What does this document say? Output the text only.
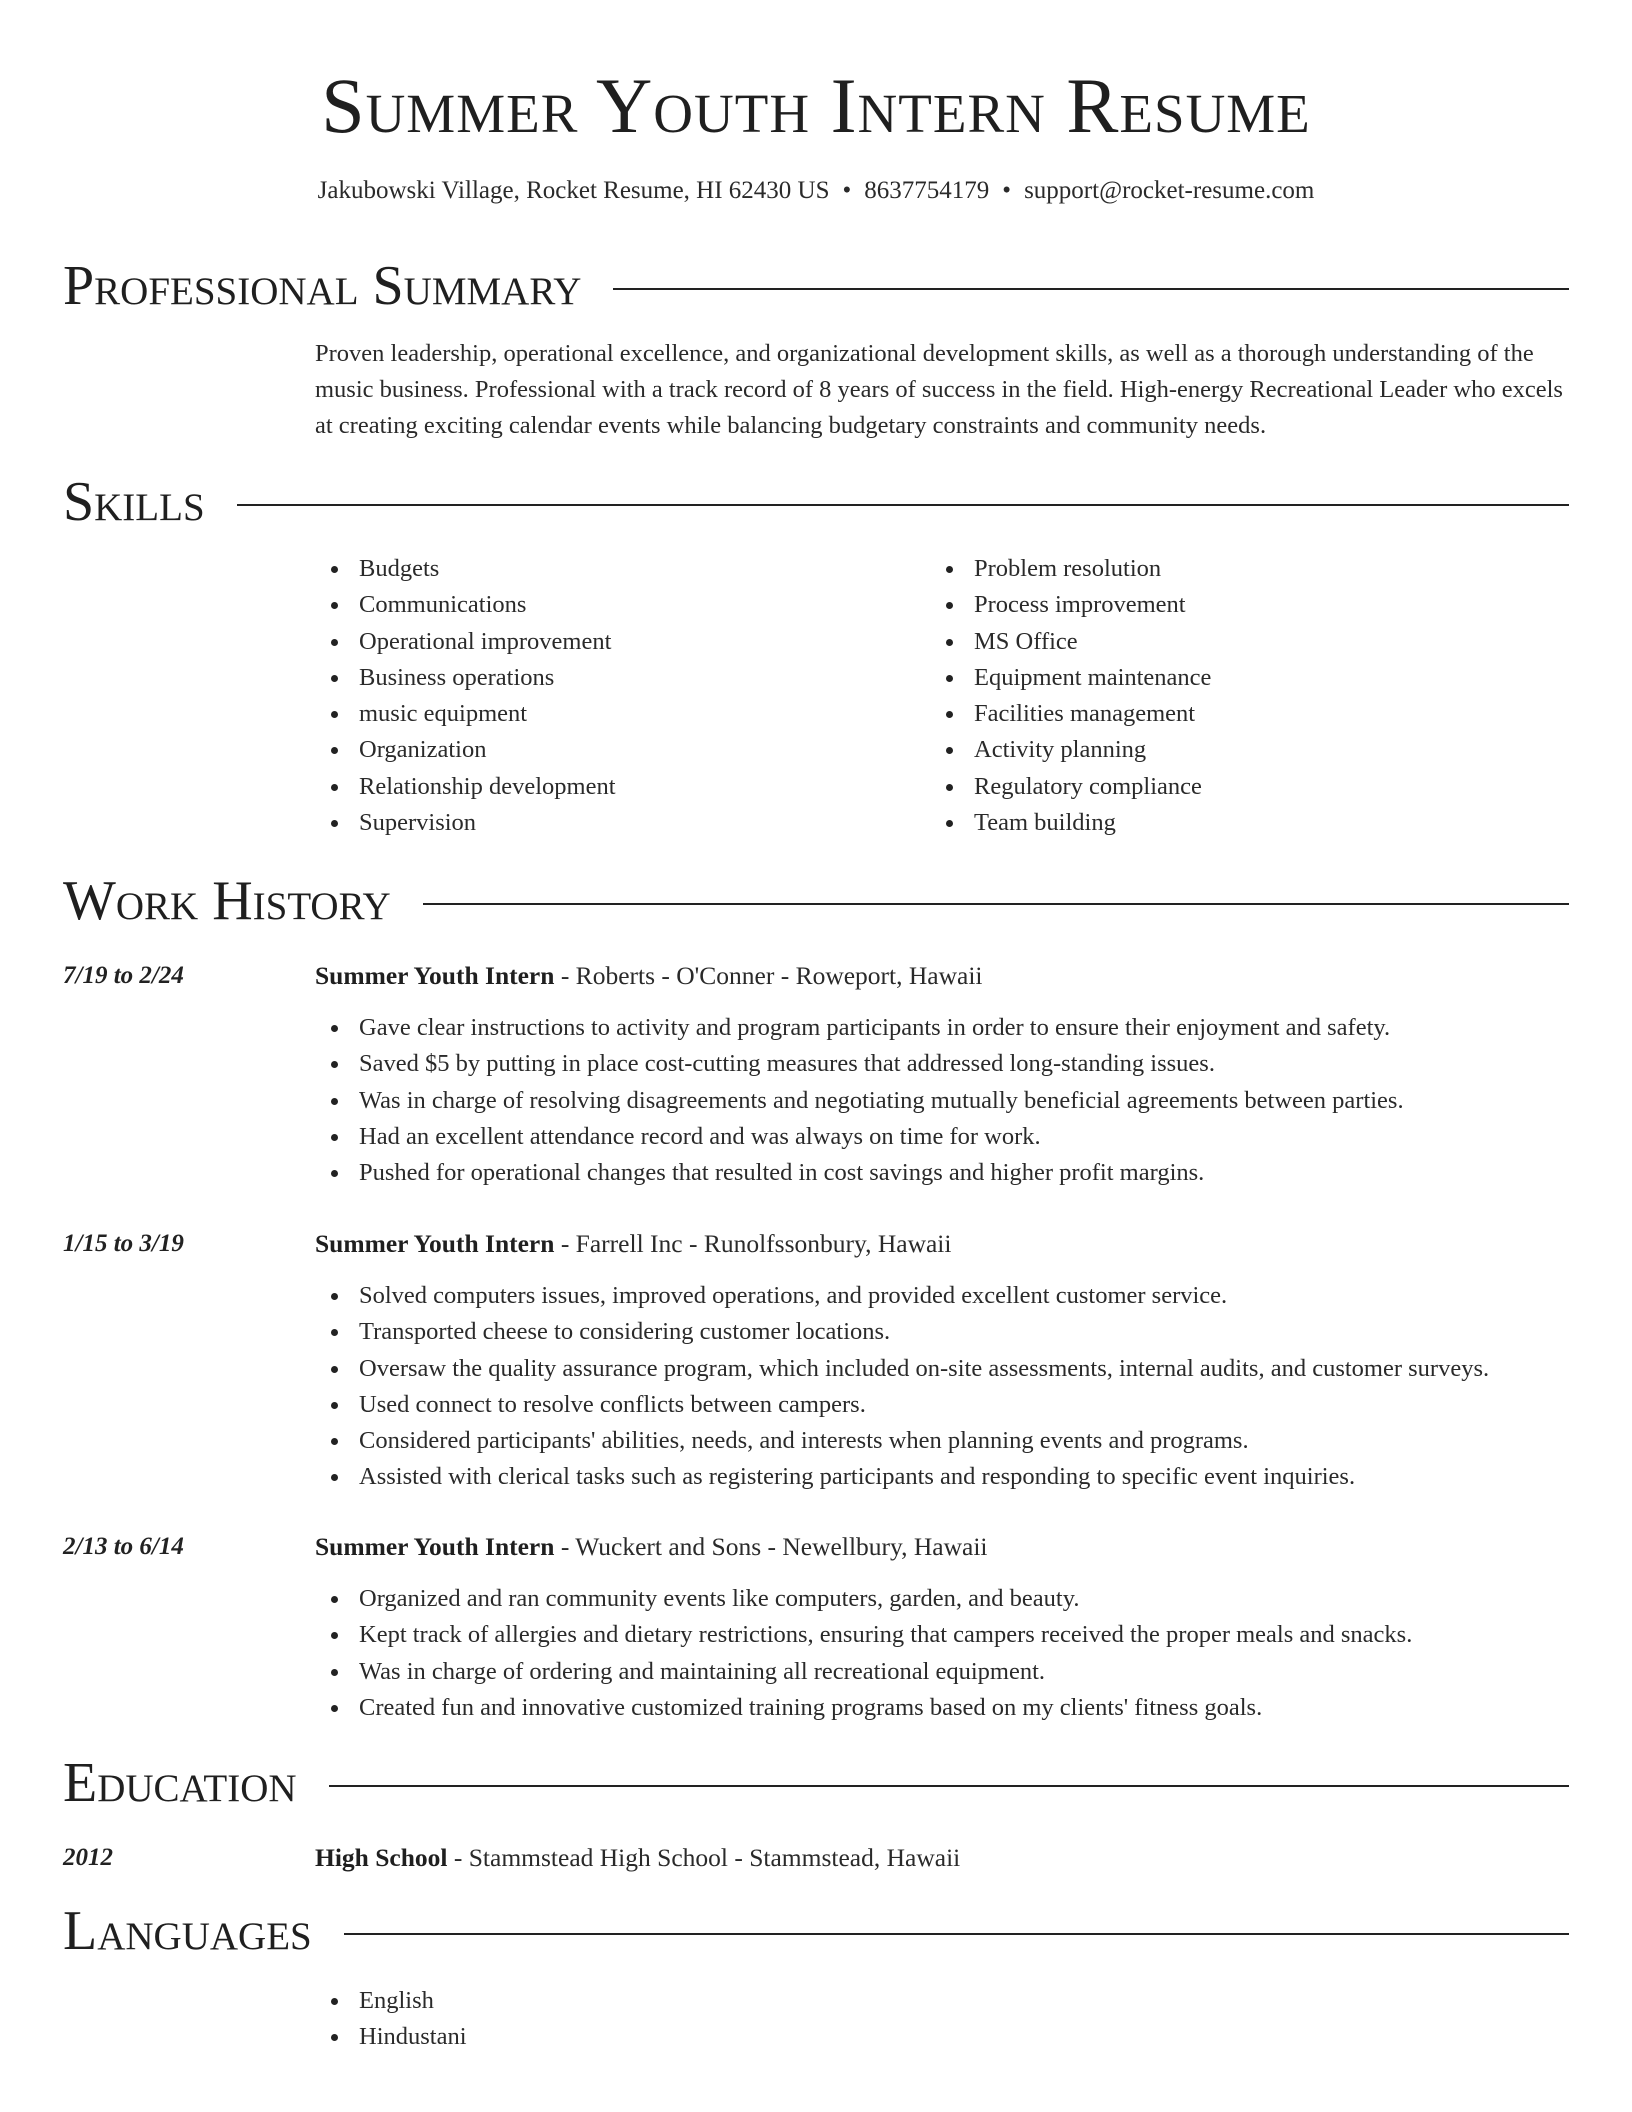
Summer Youth Intern Resume
Jakubowski Village, Rocket Resume, HI 62430 US • 8637754179 • support@rocket-resume.com
Professional Summary

Proven leadership, operational excellence, and organizational development skills, as well as a thorough understanding of the music business. Professional with a track record of 8 years of success in the field. High-energy Recreational Leader who excels at creating exciting calendar events while balancing budgetary constraints and community needs.

Skills
Budgets
Communications
Operational improvement
Business operations
music equipment
Organization
Relationship development
Supervision
Problem resolution
Process improvement
MS Office
Equipment maintenance
Facilities management
Activity planning
Regulatory compliance
Team building
Work History
7/19 to 2/24	Summer Youth Intern - Roberts - O'Conner - Roweport, Hawaii
Gave clear instructions to activity and program participants in order to ensure their enjoyment and safety.
Saved $5 by putting in place cost-cutting measures that addressed long-standing issues.
Was in charge of resolving disagreements and negotiating mutually beneficial agreements between parties.
Had an excellent attendance record and was always on time for work.
Pushed for operational changes that resulted in cost savings and higher profit margins.
1/15 to 3/19	Summer Youth Intern - Farrell Inc - Runolfssonbury, Hawaii
Solved computers issues, improved operations, and provided excellent customer service.
Transported cheese to considering customer locations.
Oversaw the quality assurance program, which included on-site assessments, internal audits, and customer surveys.
Used connect to resolve conflicts between campers.
Considered participants' abilities, needs, and interests when planning events and programs.
Assisted with clerical tasks such as registering participants and responding to specific event inquiries.
2/13 to 6/14	Summer Youth Intern - Wuckert and Sons - Newellbury, Hawaii
Organized and ran community events like computers, garden, and beauty.
Kept track of allergies and dietary restrictions, ensuring that campers received the proper meals and snacks.
Was in charge of ordering and maintaining all recreational equipment.
Created fun and innovative customized training programs based on my clients' fitness goals.
Education
2012	High School - Stammstead High School - Stammstead, Hawaii
Languages
English
Hindustani
